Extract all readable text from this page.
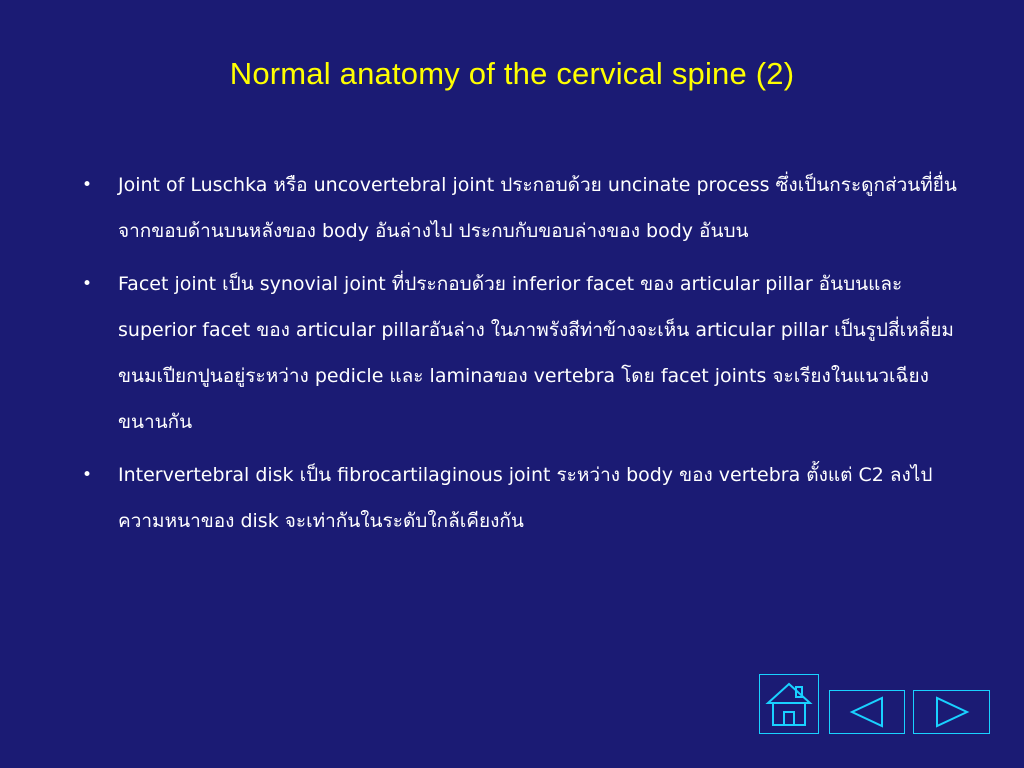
Normal anatomy of the cervical spine (2)
• Joint of Luschka หรือ uncovertebral joint ประกอบด้วย uncinate process ซึ่งเป็นกระดูกส่วนที่ยื่นจากขอบด้านบนหลังของ body อันล่างไป ประกบกับขอบล่างของ body อันบน
• Facet joint เป็น synovial joint ที่ประกอบด้วย inferior facet ของ articular pillar อันบนและ superior facet ของ articular pillarอันล่าง ในภาพรังสีท่าข้างจะเห็น articular pillar เป็นรูปสี่เหลี่ยมขนมเปียกปูนอยู่ระหว่าง pedicle และ laminaของ vertebra โดย facet joints จะเรียงในแนวเฉียงขนานกัน
• Intervertebral disk เป็น fibrocartilaginous joint ระหว่าง body ของ vertebra ตั้งแต่ C2 ลงไป ความหนาของ disk จะเท่ากันในระดับใกล้เคียงกัน
